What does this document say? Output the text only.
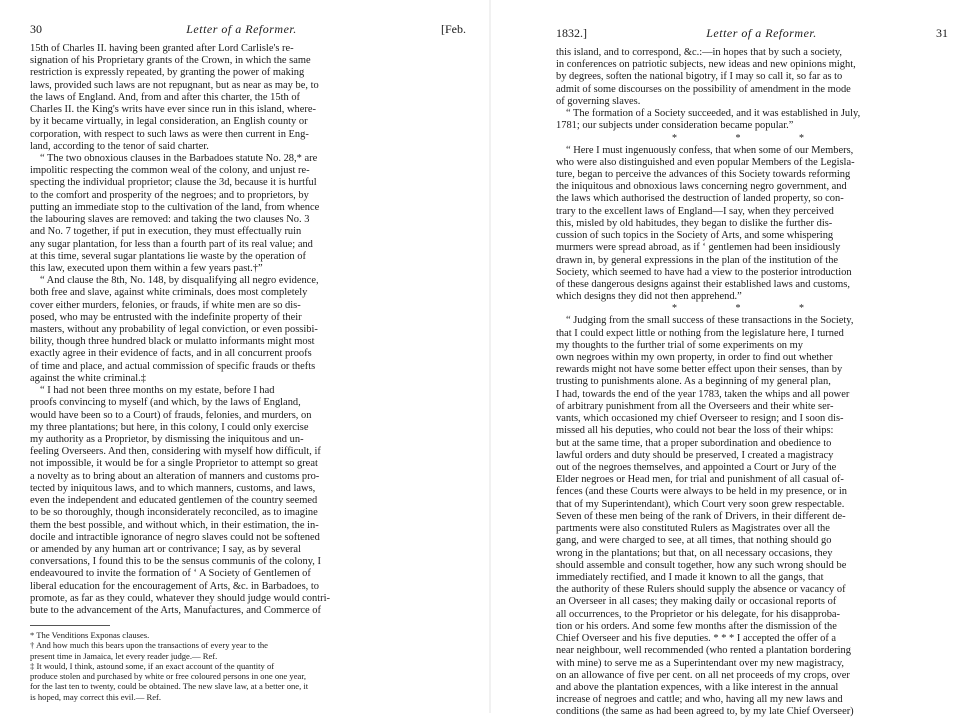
30	Letter of a Reformer.	[Feb.
15th of Charles II. having been granted after Lord Carlisle's re-
signation of his Proprietary grants of the Crown, in which the same
restriction is expressly repeated, by granting the power of making
laws, provided such laws are not repugnant, but as near as may be, to
the laws of England. And, from and after this charter, the 15th of
Charles II. the King's writs have ever since run in this island, where-
by it became virtually, in legal consideration, an English county or
corporation, with respect to such laws as were then current in Eng-
land, according to the tenor of said charter.
“ The two obnoxious clauses in the Barbadoes statute No. 28,* are
impolitic respecting the common weal of the colony, and unjust re-
specting the individual proprietor; clause the 3d, because it is hurtful
to the comfort and prosperity of the negroes; and to proprietors, by
putting an immediate stop to the cultivation of the land, from whence
the labouring slaves are removed: and taking the two clauses No. 3
and No. 7 together, if put in execution, they must effectually ruin
any sugar plantation, for less than a fourth part of its real value; and
at this time, several sugar plantations lie waste by the operation of
this law, executed upon them within a few years past.†”
“ And clause the 8th, No. 148, by disqualifying all negro evidence,
both free and slave, against white criminals, does most completely
cover either murders, felonies, or frauds, if white men are so dis-
posed, who may be entrusted with the indefinite property of their
masters, without any probability of legal conviction, or even possibi-
bility, though three hundred black or mulatto informants might most
exactly agree in their evidence of facts, and in all concurrent proofs
of time and place, and actual commission of specific frauds or thefts
against the white criminal.‡
“ I had not been three months on my estate, before I had
proofs convincing to myself (and which, by the laws of England,
would have been so to a Court) of frauds, felonies, and murders, on
my three plantations; but here, in this colony, I could only exercise
my authority as a Proprietor, by dismissing the iniquitous and un-
feeling Overseers. And then, considering with myself how difficult, if
not impossible, it would be for a single Proprietor to attempt so great
a novelty as to bring about an alteration of manners and customs pro-
tected by iniquitous laws, and to which manners, customs, and laws,
even the independent and educated gentlemen of the country seemed
to be so thoroughly, though inconsiderately reconciled, as to imagine
them the best possible, and without which, in their estimation, the in-
docile and intractible ignorance of negro slaves could not be softened
or amended by any human art or contrivance; I say, as by several
conversations, I found this to be the sensus communis of the colony, I
endeavoured to invite the formation of ‘ A Society of Gentlemen of
liberal education for the encouragement of Arts, &c. in Barbadoes, to
promote, as far as they could, whatever they should judge would contri-
bute to the advancement of the Arts, Manufactures, and Commerce of
* The Venditions Exponas clauses.
† And how much this bears upon the transactions of every year to the
present time in Jamaica, let every reader judge.— Ref.
‡ It would, I think, astound some, if an exact account of the quantity of
produce stolen and purchased by white or free coloured persons in one one year,
for the last ten to twenty, could be obtained. The new slave law, at a better one, it
is hoped, may correct this evil.— Ref.
1832.]	Letter of a Reformer.	31
this island, and to correspond, &c.:—in hopes that by such a society,
in conferences on patriotic subjects, new ideas and new opinions might,
by degrees, soften the national bigotry, if I may so call it, so far as to
admit of some discourses on the possibility of amendment in the mode
of governing slaves.
“ The formation of a Society succeeded, and it was established in July,
1781; our subjects under consideration became popular.”
* * *
“ Here I must ingenuously confess, that when some of our Members,
who were also distinguished and even popular Members of the Legisla-
ture, began to perceive the advances of this Society towards reforming
the iniquitous and obnoxious laws concerning negro government, and
the laws which authorised the destruction of landed property, so con-
trary to the excellent laws of England—I say, when they perceived
this, misled by old habitudes, they began to dislike the further dis-
cussion of such topics in the Society of Arts, and some whispering
murmers were spread abroad, as if ‘ gentlemen had been insidiously
drawn in, by general expressions in the plan of the institution of the
Society, which seemed to have had a view to the posterior introduction
of these dangerous designs against their established laws and customs,
which designs they did not then apprehend.”
* * *
“ Judging from the small success of these transactions in the Society,
that I could expect little or nothing from the legislature here, I turned
my thoughts to the further trial of some experiments on my
own negroes within my own property, in order to find out whether
rewards might not have some better effect upon their senses, than by
trusting to punishments alone. As a beginning of my general plan,
I had, towards the end of the year 1783, taken the whips and all power
of arbitrary punishment from all the Overseers and their white ser-
vants, which occasioned my chief Overseer to resign; and I soon dis-
missed all his deputies, who could not bear the loss of their whips:
but at the same time, that a proper subordination and obedience to
lawful orders and duty should be preserved, I created a magistracy
out of the negroes themselves, and appointed a Court or Jury of the
Elder negroes or Head men, for trial and punishment of all casual of-
fences (and these Courts were always to be held in my presence, or in
that of my Superintendant), which Court very soon grew respectable.
Seven of these men being of the rank of Drivers, in their different de-
partments were also constituted Rulers as Magistrates over all the
gang, and were charged to see, at all times, that nothing should go
wrong in the plantations; but that, on all necessary occasions, they
should assemble and consult together, how any such wrong should be
immediately rectified, and I made it known to all the gangs, that
the authority of these Rulers should supply the absence or vacancy of
an Overseer in all cases; they making daily or occasional reports of
all occurrences, to the Proprietor or his delegate, for his disapproba-
tion or his orders. And some few months after the dismission of the
Chief Overseer and his five deputies. * * * I accepted the offer of a
near neighbour, well recommended (who rented a plantation bordering
with mine) to serve me as a Superintendant over my new magistracy,
on an allowance of five per cent. on all net proceeds of my crops, over
and above the plantation expences, with a like interest in the annual
increase of negroes and cattle; and who, having all my new laws and
conditions (the same as had been agreed to, by my late Chief Overseer)
